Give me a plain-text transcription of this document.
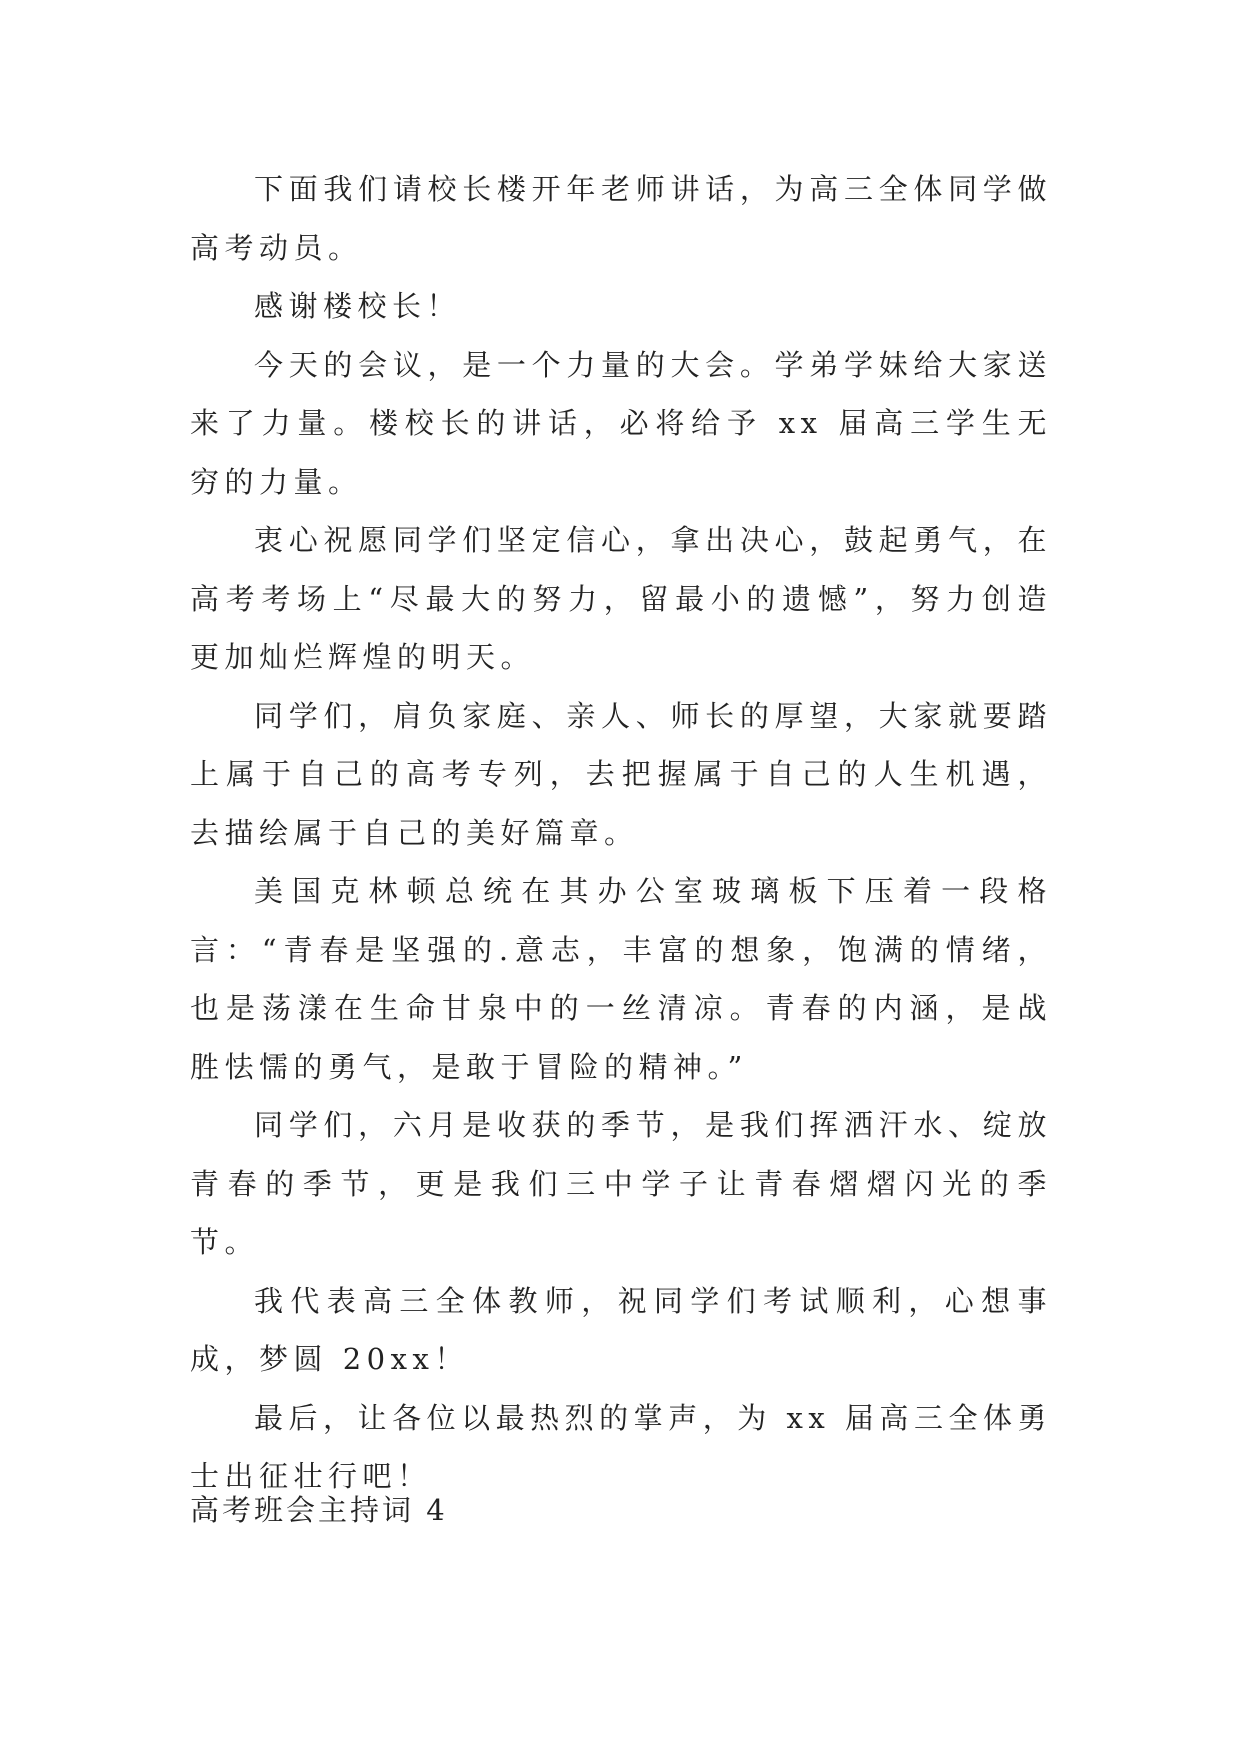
下面我们请校长楼开年老师讲话，为高三全体同学做高考动员。

感谢楼校长！

今天的会议，是一个力量的大会。学弟学妹给大家送来了力量。楼校长的讲话，必将给予 xx 届高三学生无穷的力量。

衷心祝愿同学们坚定信心，拿出决心，鼓起勇气，在高考考场上“尽最大的努力，留最小的遗憾”，努力创造更加灿烂辉煌的明天。

同学们，肩负家庭、亲人、师长的厚望，大家就要踏上属于自己的高考专列，去把握属于自己的人生机遇，去描绘属于自己的美好篇章。

美国克林顿总统在其办公室玻璃板下压着一段格言：“青春是坚强的.意志，丰富的想象，饱满的情绪，也是荡漾在生命甘泉中的一丝清凉。青春的内涵，是战胜怯懦的勇气，是敢于冒险的精神。”

同学们，六月是收获的季节，是我们挥洒汗水、绽放青春的季节，更是我们三中学子让青春熠熠闪光的季节。

我代表高三全体教师，祝同学们考试顺利，心想事成，梦圆 20xx！

最后，让各位以最热烈的掌声，为 xx 届高三全体勇士出征壮行吧！

高考班会主持词 4
